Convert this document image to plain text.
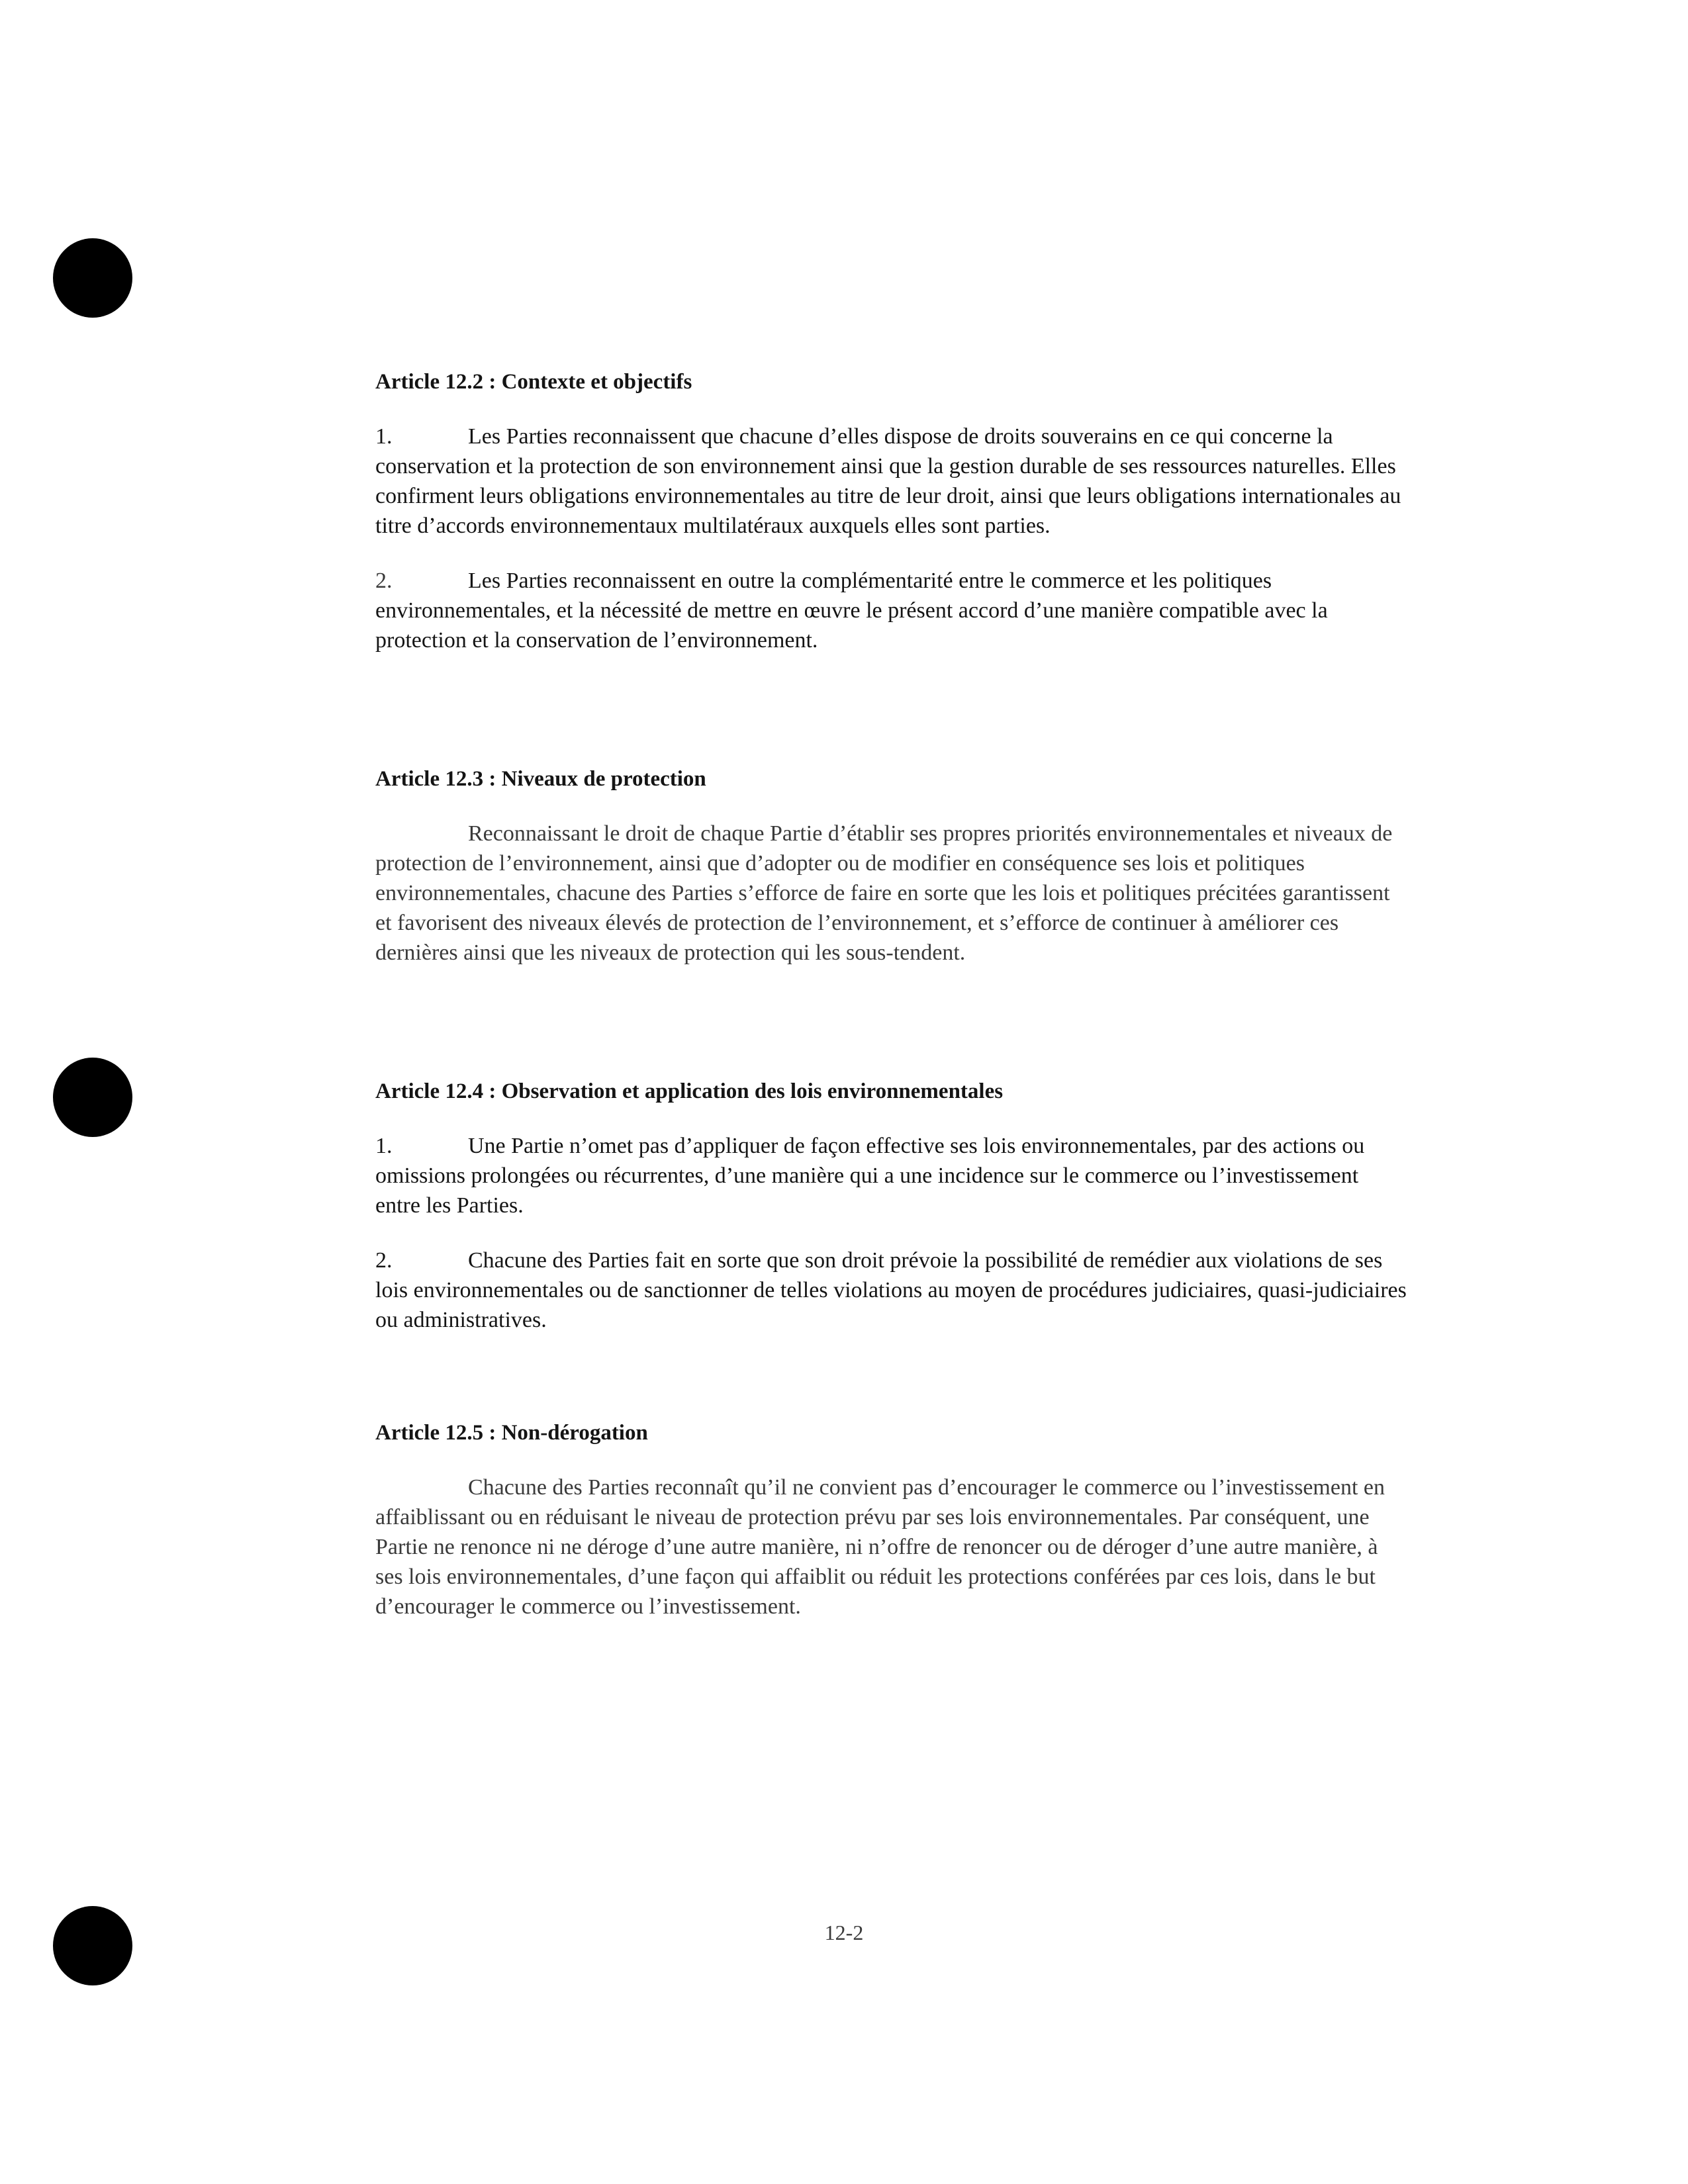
Article 12.2 : Contexte et objectifs

1.	Les Parties reconnaissent que chacune d’elles dispose de droits souverains en ce qui concerne la conservation et la protection de son environnement ainsi que la gestion durable de ses ressources naturelles. Elles confirment leurs obligations environnementales au titre de leur droit, ainsi que leurs obligations internationales au titre d’accords environnementaux multilatéraux auxquels elles sont parties.

2.	Les Parties reconnaissent en outre la complémentarité entre le commerce et les politiques environnementales, et la nécessité de mettre en œuvre le présent accord d’une manière compatible avec la protection et la conservation de l’environnement.

Article 12.3 : Niveaux de protection

Reconnaissant le droit de chaque Partie d’établir ses propres priorités environnementales et niveaux de protection de l’environnement, ainsi que d’adopter ou de modifier en conséquence ses lois et politiques environnementales, chacune des Parties s’efforce de faire en sorte que les lois et politiques précitées garantissent et favorisent des niveaux élevés de protection de l’environnement, et s’efforce de continuer à améliorer ces dernières ainsi que les niveaux de protection qui les sous-tendent.

Article 12.4 : Observation et application des lois environnementales

1.	Une Partie n’omet pas d’appliquer de façon effective ses lois environnementales, par des actions ou omissions prolongées ou récurrentes, d’une manière qui a une incidence sur le commerce ou l’investissement entre les Parties.

2.	Chacune des Parties fait en sorte que son droit prévoie la possibilité de remédier aux violations de ses lois environnementales ou de sanctionner de telles violations au moyen de procédures judiciaires, quasi-judiciaires ou administratives.

Article 12.5 : Non-dérogation

Chacune des Parties reconnaît qu’il ne convient pas d’encourager le commerce ou l’investissement en affaiblissant ou en réduisant le niveau de protection prévu par ses lois environnementales. Par conséquent, une Partie ne renonce ni ne déroge d’une autre manière, ni n’offre de renoncer ou de déroger d’une autre manière, à ses lois environnementales, d’une façon qui affaiblit ou réduit les protections conférées par ces lois, dans le but d’encourager le commerce ou l’investissement.

12-2
